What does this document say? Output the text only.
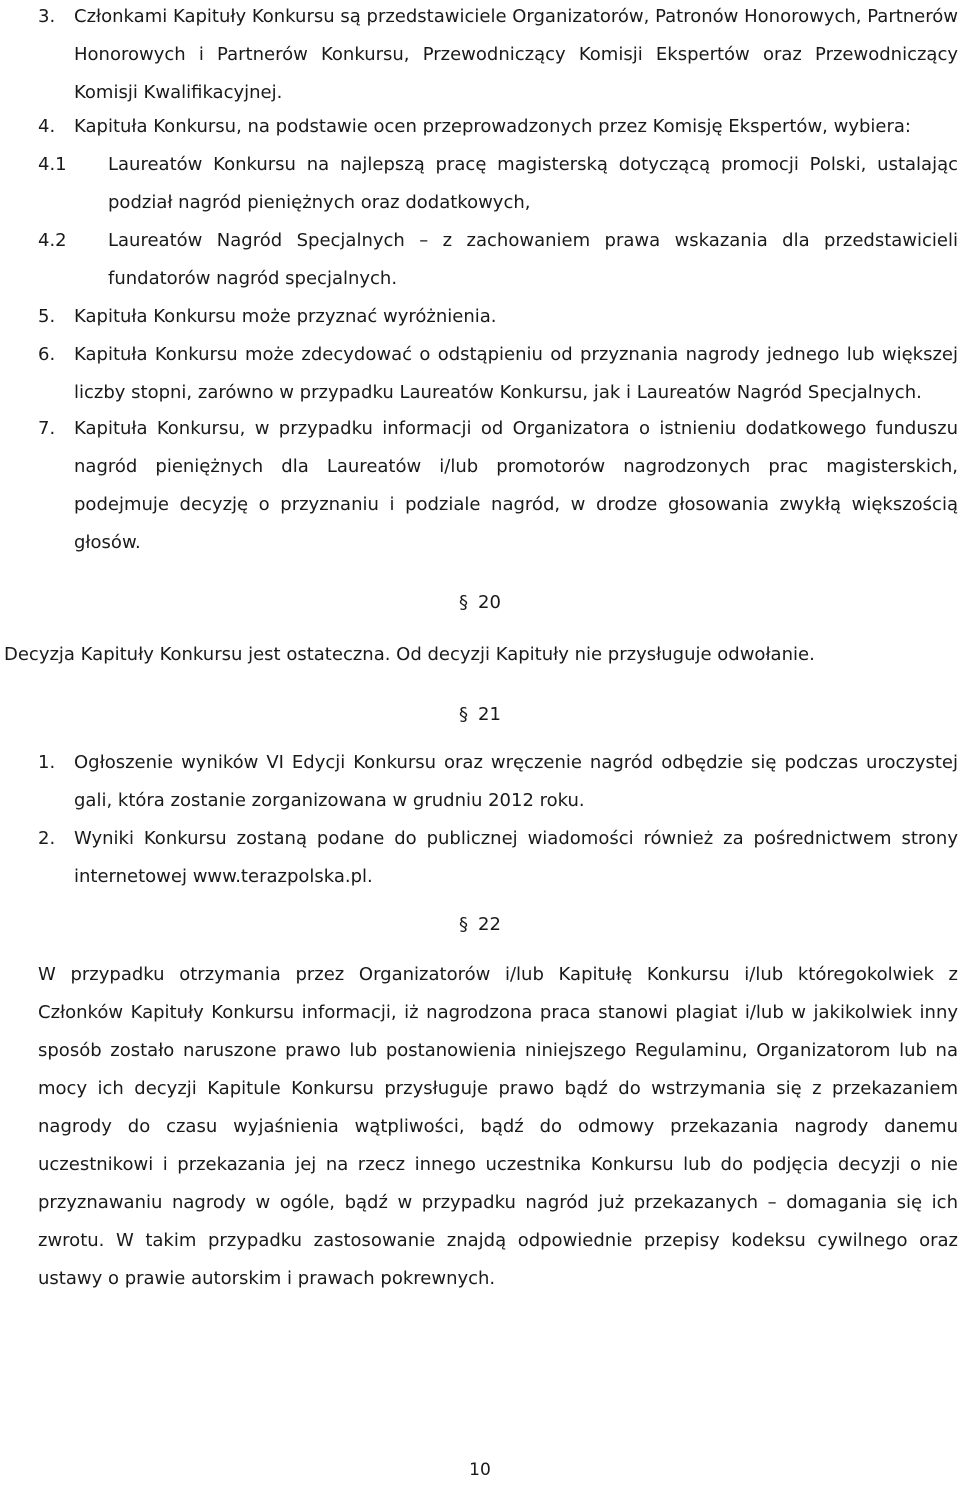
3.	Członkami Kapituły Konkursu są przedstawiciele Organizatorów, Patronów Honorowych, Partnerów Honorowych i Partnerów Konkursu, Przewodniczący Komisji Ekspertów oraz Przewodniczący Komisji Kwalifikacyjnej.
4.	Kapituła Konkursu, na podstawie ocen przeprowadzonych przez Komisję Ekspertów, wybiera:
4.1 Laureatów Konkursu na najlepszą pracę magisterską dotyczącą promocji Polski, ustalając podział nagród pieniężnych oraz dodatkowych,
4.2 Laureatów Nagród Specjalnych – z zachowaniem prawa wskazania dla przedstawicieli fundatorów nagród specjalnych.
5.	Kapituła Konkursu może przyznać wyróżnienia.
6.	Kapituła Konkursu może zdecydować o odstąpieniu od przyznania nagrody jednego lub większej liczby stopni, zarówno w przypadku Laureatów Konkursu, jak i Laureatów Nagród Specjalnych.
7.	Kapituła Konkursu, w przypadku informacji od Organizatora o istnieniu dodatkowego funduszu nagród pieniężnych dla Laureatów i/lub promotorów nagrodzonych prac magisterskich, podejmuje decyzję o przyznaniu i podziale nagród, w drodze głosowania zwykłą większością głosów.
§ 20
Decyzja Kapituły Konkursu jest ostateczna. Od decyzji Kapituły nie przysługuje odwołanie.
§ 21
1.	Ogłoszenie wyników VI Edycji Konkursu oraz wręczenie nagród odbędzie się podczas uroczystej gali, która zostanie zorganizowana w grudniu 2012 roku.
2.	Wyniki Konkursu zostaną podane do publicznej wiadomości również za pośrednictwem strony internetowej www.terazpolska.pl.
§ 22
W przypadku otrzymania przez Organizatorów i/lub Kapitułę Konkursu i/lub któregokolwiek z Członków Kapituły Konkursu informacji, iż nagrodzona praca stanowi plagiat i/lub w jakikolwiek inny sposób zostało naruszone prawo lub postanowienia niniejszego Regulaminu, Organizatorom lub na mocy ich decyzji Kapitule Konkursu przysługuje prawo bądź do wstrzymania się z przekazaniem nagrody do czasu wyjaśnienia wątpliwości, bądź do odmowy przekazania nagrody danemu uczestnikowi i przekazania jej na rzecz innego uczestnika Konkursu lub do podjęcia decyzji o nie przyznawaniu nagrody w ogóle, bądź w przypadku nagród już przekazanych – domagania się ich zwrotu. W takim przypadku zastosowanie znajdą odpowiednie przepisy kodeksu cywilnego oraz ustawy o prawie autorskim i prawach pokrewnych.
10
